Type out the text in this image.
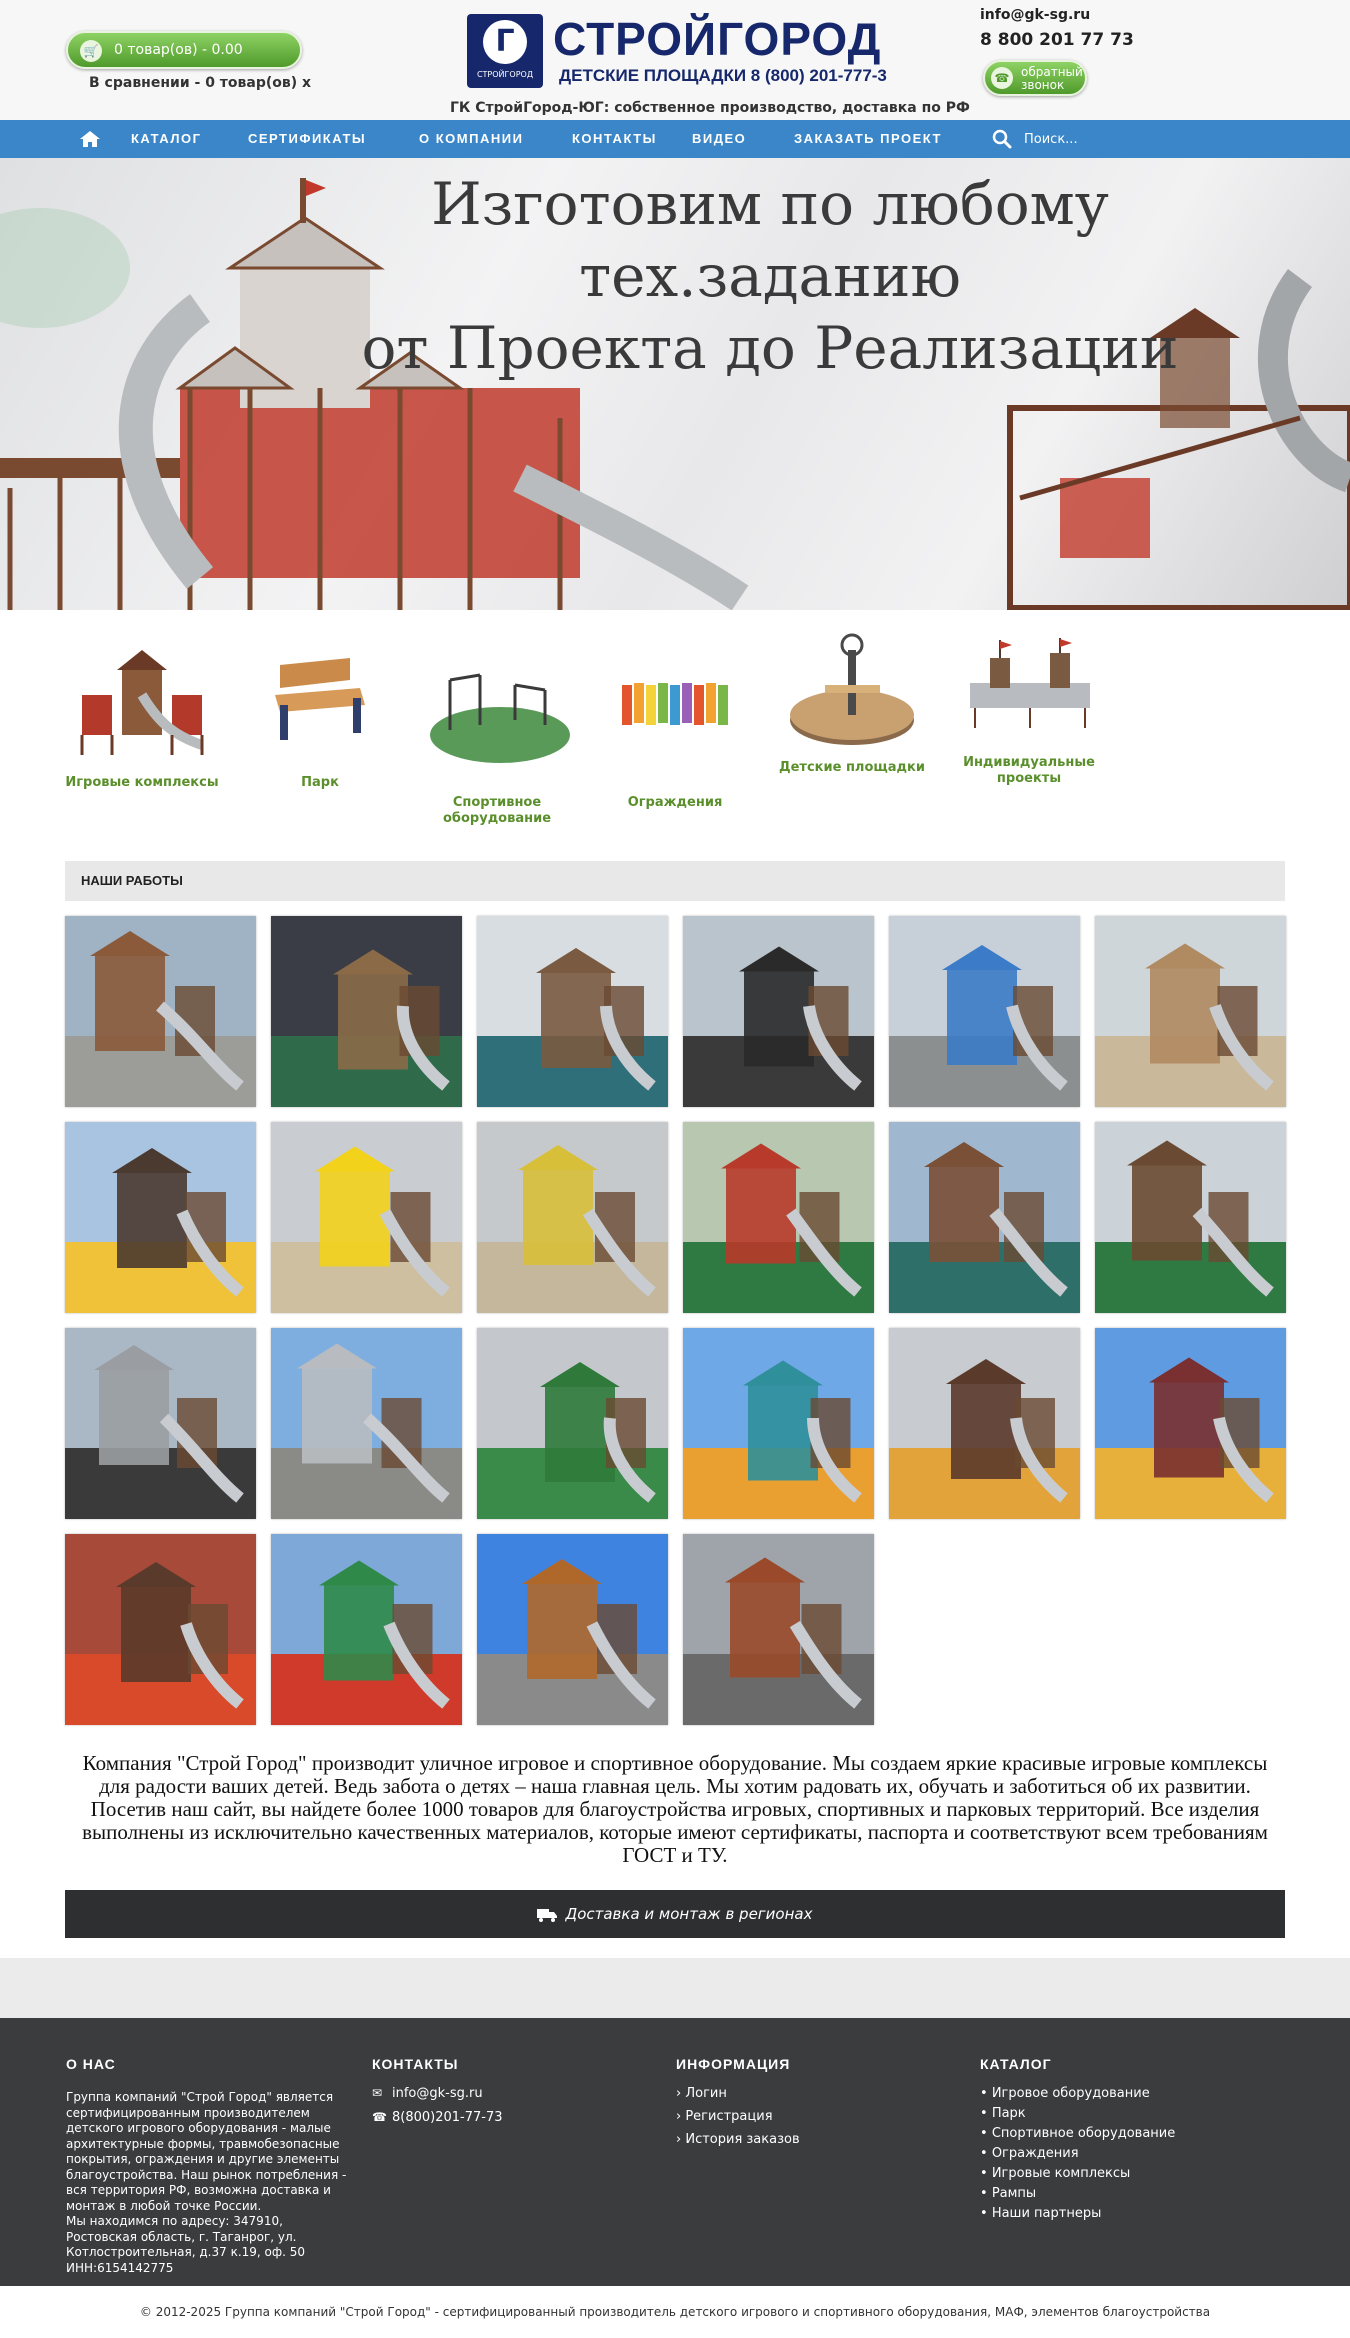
🛒 0 товар(ов) - 0.00
В сравнении - 0 товар(ов) x
Г
СТРОЙГОРОД
СТРОЙГОРОД
ДЕТСКИЕ ПЛОЩАДКИ 8 (800) 201-777-3
ГК СтройГород-ЮГ: собственное производство, доставка по РФ
info@gk-sg.ru
8 800 201 77 73
☎ обратный
звонок
КАТАЛОГ	СЕРТИФИКАТЫ	О КОМПАНИИ	КОНТАКТЫ	ВИДЕО	ЗАКАЗАТЬ ПРОЕКТ
Поиск...
Изготовим по любому
тех.заданию
от Проекта до Реализации
Игровые комплексы	Парк
Спортивное
оборудование
Ограждения
Детские площадки	Индивидуальные
проекты
НАШИ РАБОТЫ
Компания "Строй Город" производит уличное игровое и спортивное оборудование. Мы создаем яркие красивые игровые комплексы для радости ваших детей. Ведь забота о детях – наша главная цель. Мы хотим радовать их, обучать и заботиться об их развитии. Посетив наш сайт, вы найдете более 1000 товаров для благоустройства игровых, спортивных и парковых территорий. Все изделия выполнены из исключительно качественных материалов, которые имеют сертификаты, паспорта и соответствуют всем требованиям ГОСТ и ТУ.
Доставка и монтаж в регионах
О НАС
Группа компаний "Строй Город" является сертифицированным производителем детского игрового оборудования - малые архитектурные формы, травмобезопасные покрытия, ограждения и другие элементы благоустройства. Наш рынок потребления - вся территория РФ, возможна доставка и монтаж в любой точке России.
Мы находимся по адресу: 347910, Ростовская область, г. Таганрог, ул. Котлостроительная, д.37 к.19, оф. 50
ИНН:6154142775
КОНТАКТЫ
✉ info@gk-sg.ru
☎ 8(800)201-77-73
ИНФОРМАЦИЯ
› Логин
› Регистрация
› История заказов
КАТАЛОГ
• Игровое оборудование
• Парк
• Спортивное оборудование
• Ограждения
• Игровые комплексы
• Рампы
• Наши партнеры
© 2012-2025 Группа компаний "Строй Город" - сертифицированный производитель детского игрового и спортивного оборудования, МАФ, элементов благоустройства
